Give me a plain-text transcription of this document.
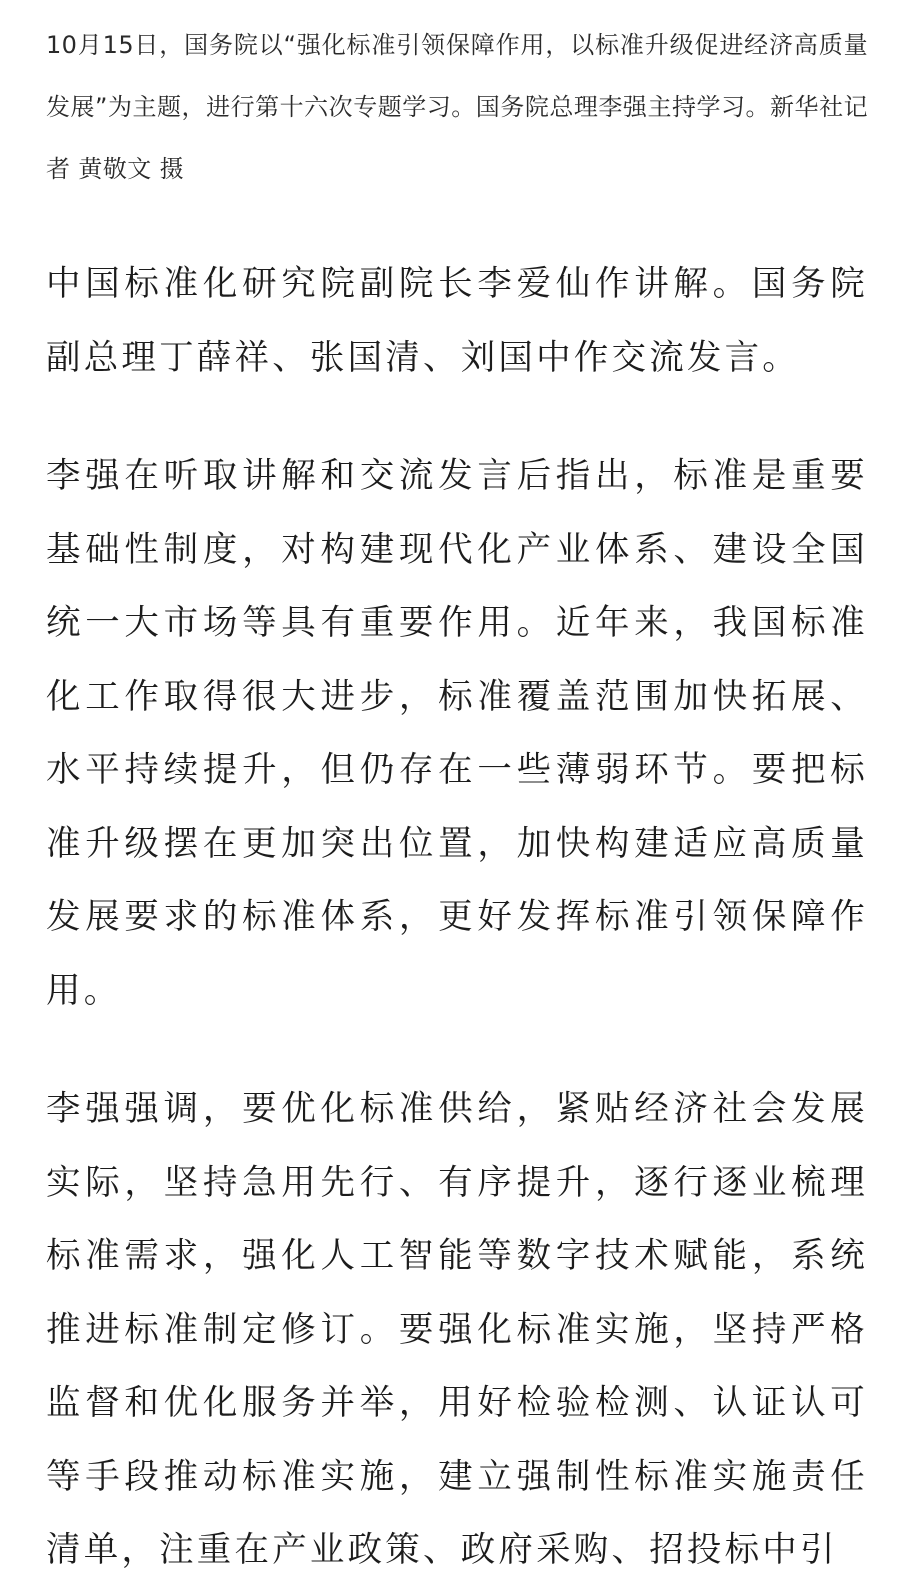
10月15日，国务院以“强化标准引领保障作用，以标准升级促进经济高质量发展”为主题，进行第十六次专题学习。国务院总理李强主持学习。新华社记者 黄敬文 摄

中国标准化研究院副院长李爱仙作讲解。国务院副总理丁薛祥、张国清、刘国中作交流发言。

李强在听取讲解和交流发言后指出，标准是重要基础性制度，对构建现代化产业体系、建设全国统一大市场等具有重要作用。近年来，我国标准化工作取得很大进步，标准覆盖范围加快拓展、水平持续提升，但仍存在一些薄弱环节。要把标准升级摆在更加突出位置，加快构建适应高质量发展要求的标准体系，更好发挥标准引领保障作用。

李强强调，要优化标准供给，紧贴经济社会发展实际，坚持急用先行、有序提升，逐行逐业梳理标准需求，强化人工智能等数字技术赋能，系统推进标准制定修订。要强化标准实施，坚持严格监督和优化服务并举，用好检验检测、认证认可等手段推动标准实施，建立强制性标准实施责任清单，注重在产业政策、政府采购、招投标中引
